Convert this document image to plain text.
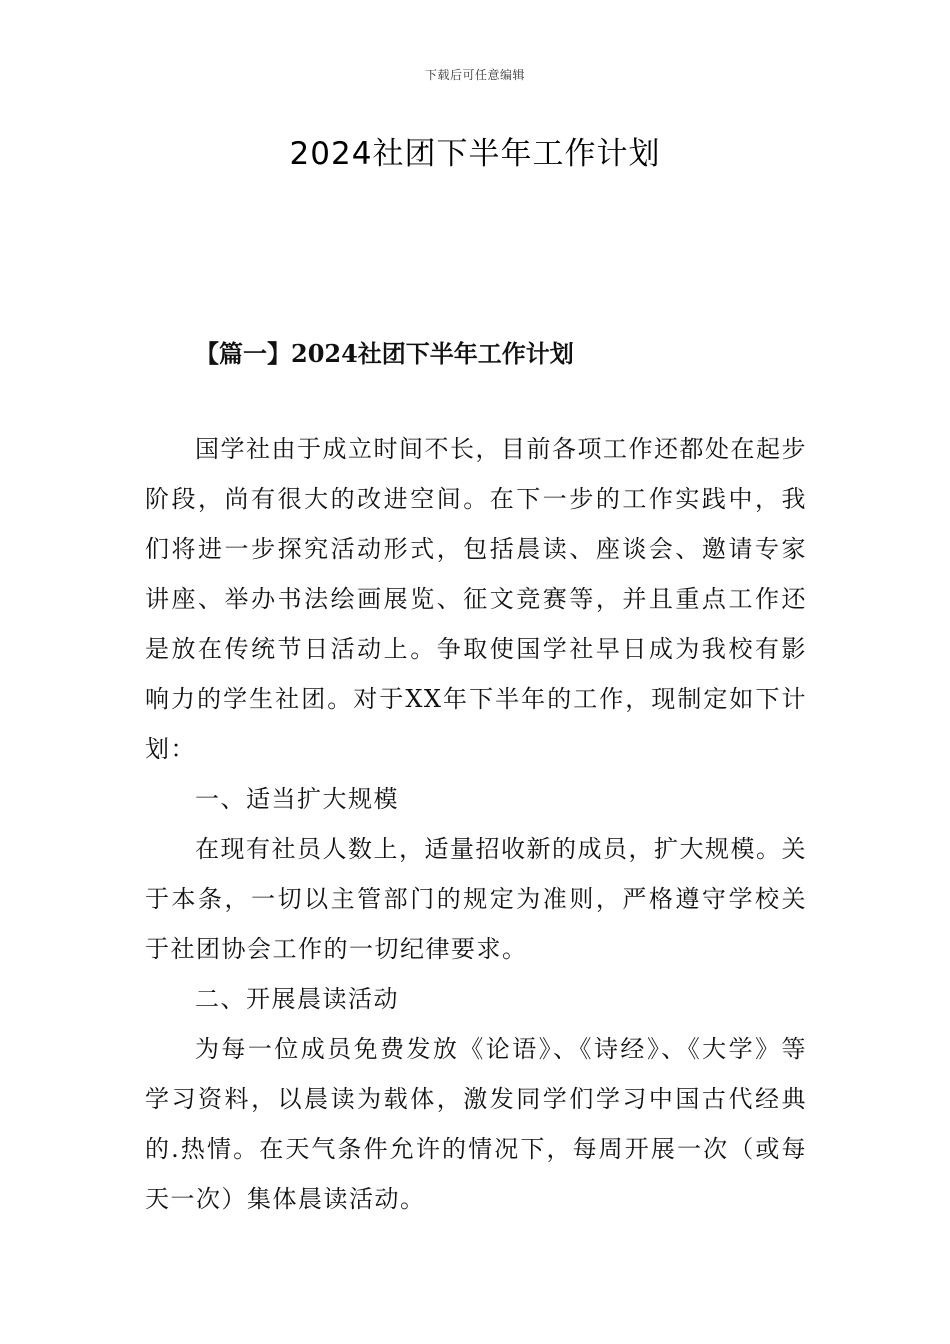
下载后可任意编辑
2024社团下半年工作计划
【篇一】2024社团下半年工作计划

国学社由于成立时间不长，目前各项工作还都处在起步阶段，尚有很大的改进空间。在下一步的工作实践中，我们将进一步探究活动形式，包括晨读、座谈会、邀请专家讲座、举办书法绘画展览、征文竞赛等，并且重点工作还是放在传统节日活动上。争取使国学社早日成为我校有影响力的学生社团。对于XX年下半年的工作，现制定如下计划：

一、适当扩大规模

在现有社员人数上，适量招收新的成员，扩大规模。关于本条，一切以主管部门的规定为准则，严格遵守学校关于社团协会工作的一切纪律要求。

二、开展晨读活动

为每一位成员免费发放《论语》、《诗经》、《大学》等学习资料，以晨读为载体，激发同学们学习中国古代经典的.热情。在天气条件允许的情况下，每周开展一次（或每天一次）集体晨读活动。
